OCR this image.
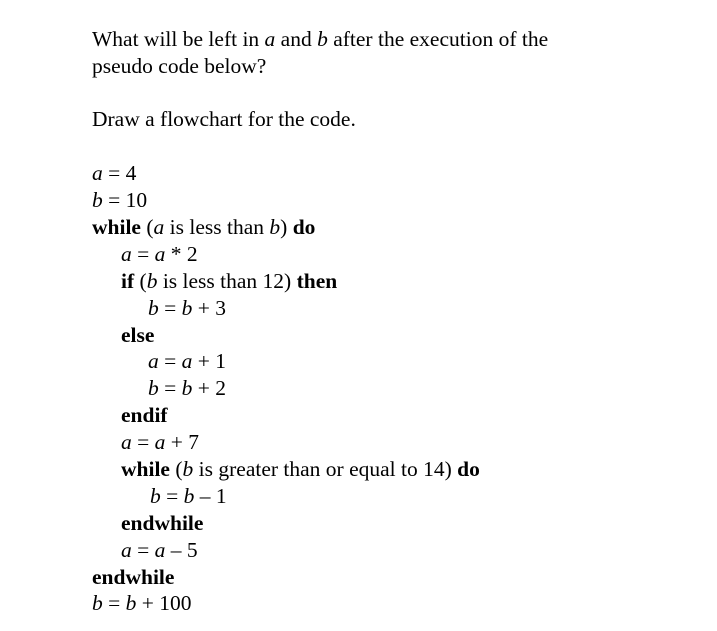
What will be left in a and b after the execution of the
pseudo code below?
Draw a flowchart for the code.
a = 4
b = 10
while (a is less than b) do
a = a * 2
if (b is less than 12) then
b = b + 3
else
a = a + 1
b = b + 2
endif
a = a + 7
while (b is greater than or equal to 14) do
b = b – 1
endwhile
a = a – 5
endwhile
b = b + 100
